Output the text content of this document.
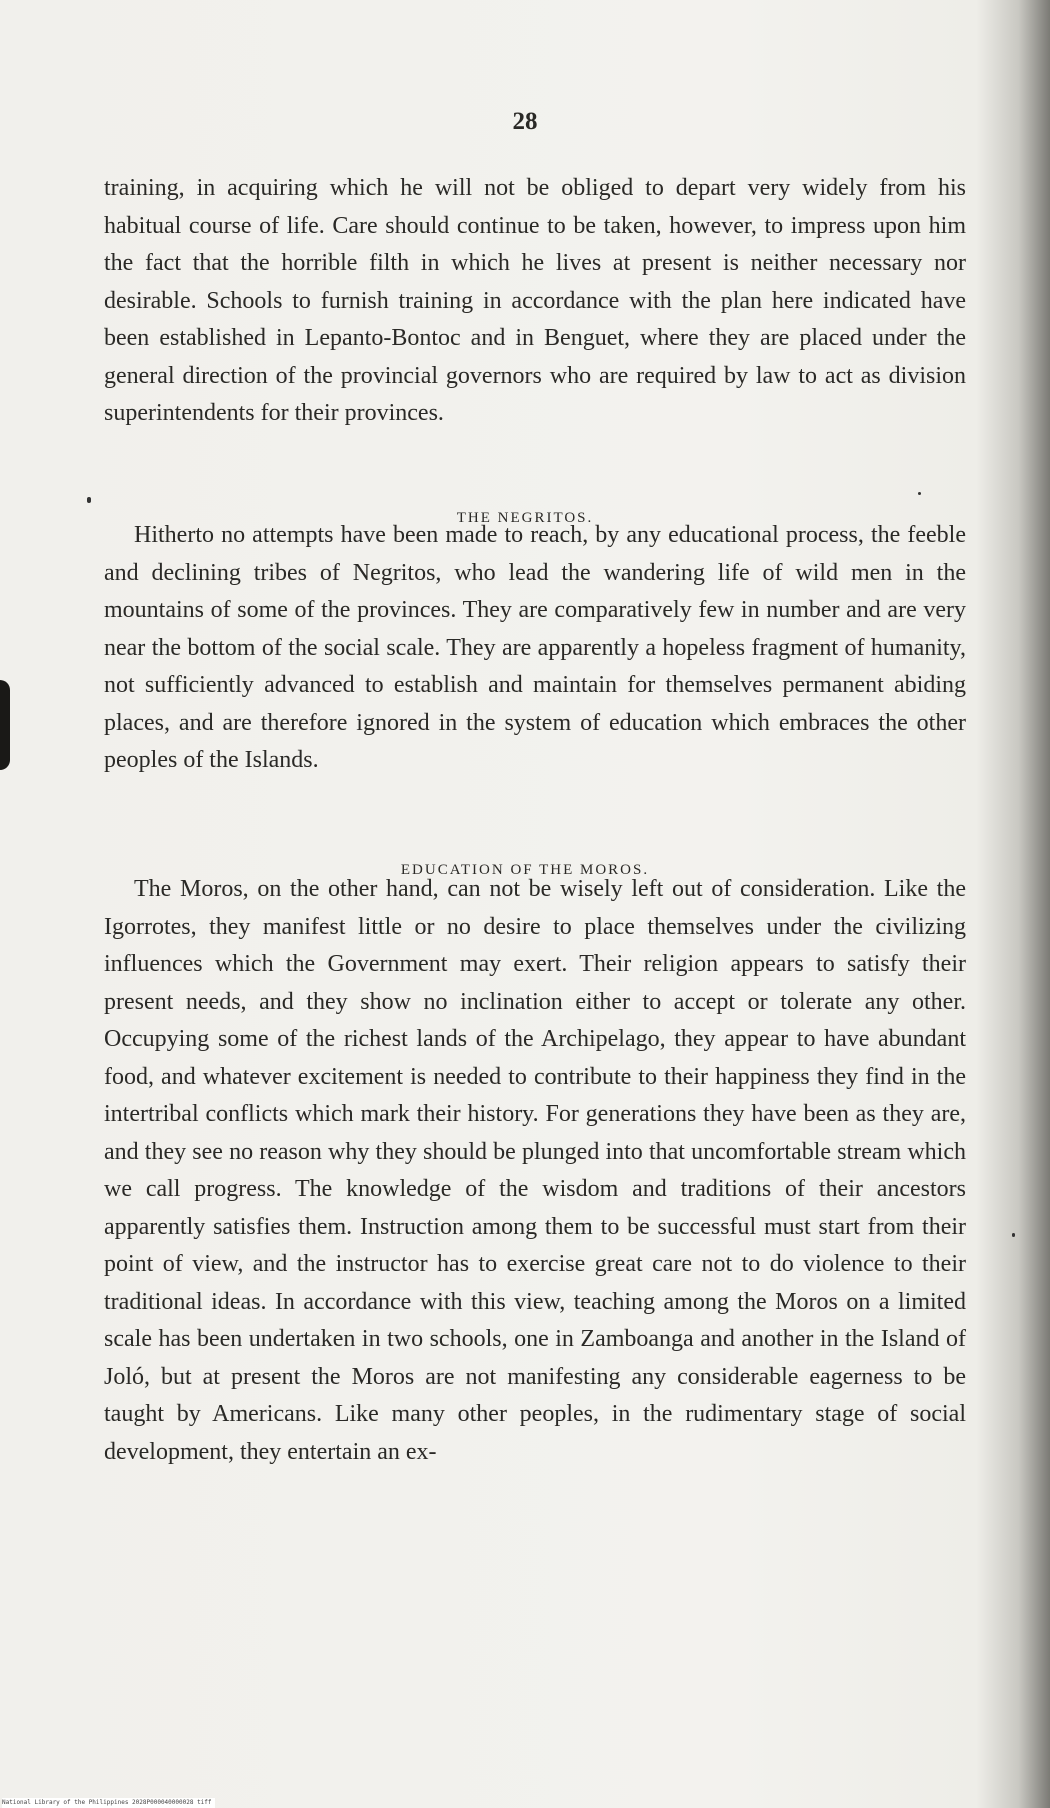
28

training, in acquiring which he will not be obliged to depart very widely from his habitual course of life. Care should continue to be taken, however, to impress upon him the fact that the horrible filth in which he lives at present is neither necessary nor desirable. Schools to furnish training in accordance with the plan here indicated have been established in Lepanto-Bontoc and in Benguet, where they are placed under the general direction of the provincial governors who are required by law to act as division superintendents for their provinces.

THE NEGRITOS.

Hitherto no attempts have been made to reach, by any educational process, the feeble and declining tribes of Negritos, who lead the wandering life of wild men in the mountains of some of the provinces. They are comparatively few in number and are very near the bottom of the social scale. They are apparently a hopeless fragment of humanity, not sufficiently advanced to establish and maintain for themselves permanent abiding places, and are therefore ignored in the system of education which embraces the other peoples of the Islands.

EDUCATION OF THE MOROS.

The Moros, on the other hand, can not be wisely left out of consideration. Like the Igorrotes, they manifest little or no desire to place themselves under the civilizing influences which the Government may exert. Their religion appears to satisfy their present needs, and they show no inclination either to accept or tolerate any other. Occupying some of the richest lands of the Archipelago, they appear to have abundant food, and whatever excitement is needed to contribute to their happiness they find in the intertribal conflicts which mark their history. For generations they have been as they are, and they see no reason why they should be plunged into that uncomfortable stream which we call progress. The knowledge of the wisdom and traditions of their ancestors apparently satisfies them. Instruction among them to be successful must start from their point of view, and the instructor has to exercise great care not to do violence to their traditional ideas. In accordance with this view, teaching among the Moros on a limited scale has been undertaken in two schools, one in Zamboanga and another in the Island of Joló, but at present the Moros are not manifesting any considerable eagerness to be taught by Americans. Like many other peoples, in the rudimentary stage of social development, they entertain an ex-

National Library of the Philippines 2028P000040000028 tiff
